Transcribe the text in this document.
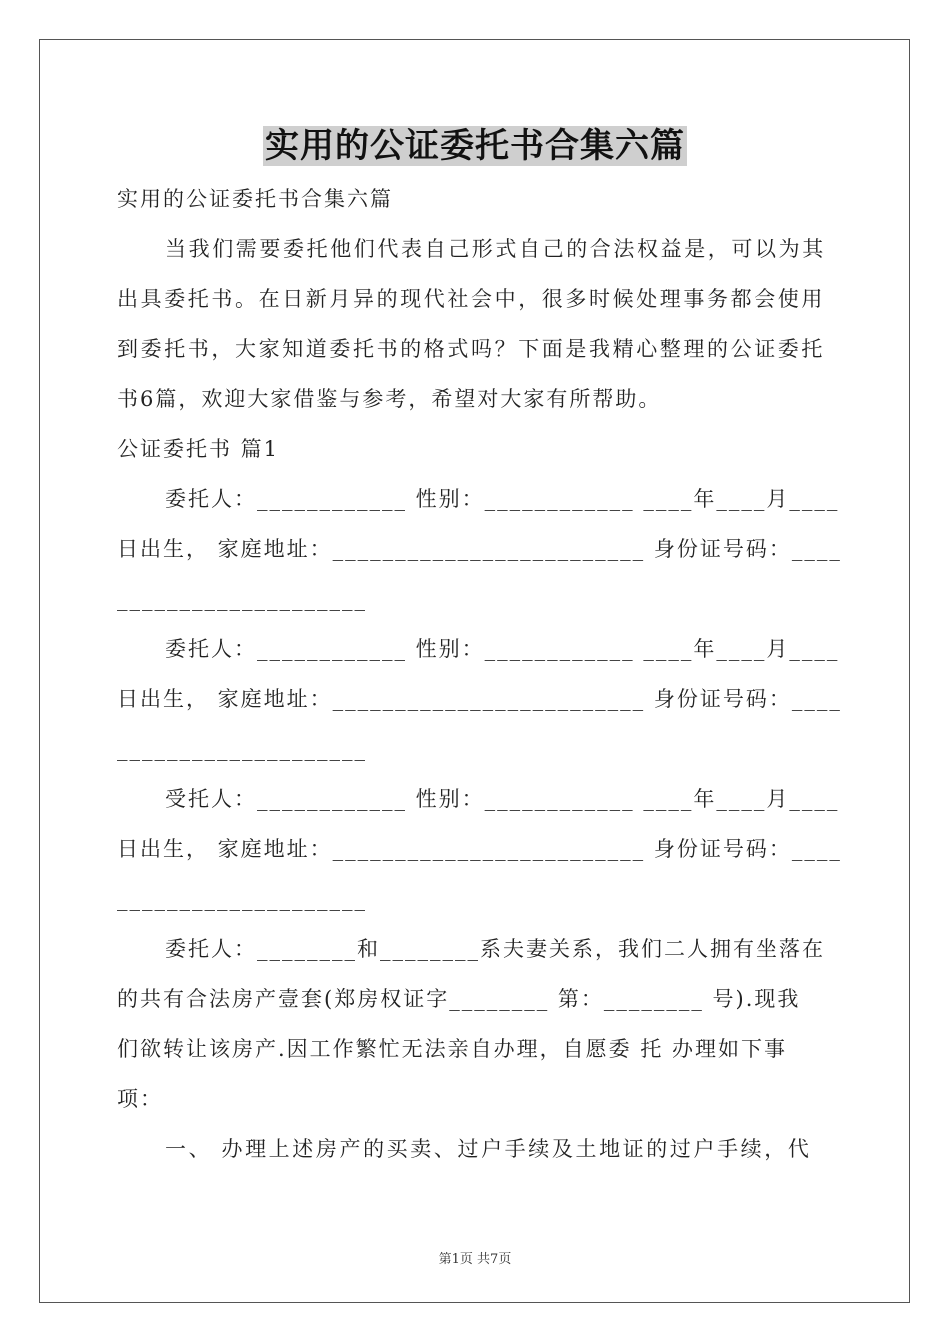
实用的公证委托书合集六篇
实用的公证委托书合集六篇
当我们需要委托他们代表自己形式自己的合法权益是，可以为其
出具委托书。在日新月异的现代社会中，很多时候处理事务都会使用
到委托书，大家知道委托书的格式吗？下面是我精心整理的公证委托
书6篇，欢迎大家借鉴与参考，希望对大家有所帮助。
公证委托书 篇1
委托人：____________ 性别：____________ ____年____月____
日出生， 家庭地址：_________________________ 身份证号码：____
____________________
委托人：____________ 性别：____________ ____年____月____
日出生， 家庭地址：_________________________ 身份证号码：____
____________________
受托人：____________ 性别：____________ ____年____月____
日出生， 家庭地址：_________________________ 身份证号码：____
____________________
委托人：________和________系夫妻关系，我们二人拥有坐落在
的共有合法房产壹套(郑房权证字________ 第：________ 号).现我
们欲转让该房产.因工作繁忙无法亲自办理，自愿委 托 办理如下事
项：
一、 办理上述房产的买卖、过户手续及土地证的过户手续，代
第1页 共7页
